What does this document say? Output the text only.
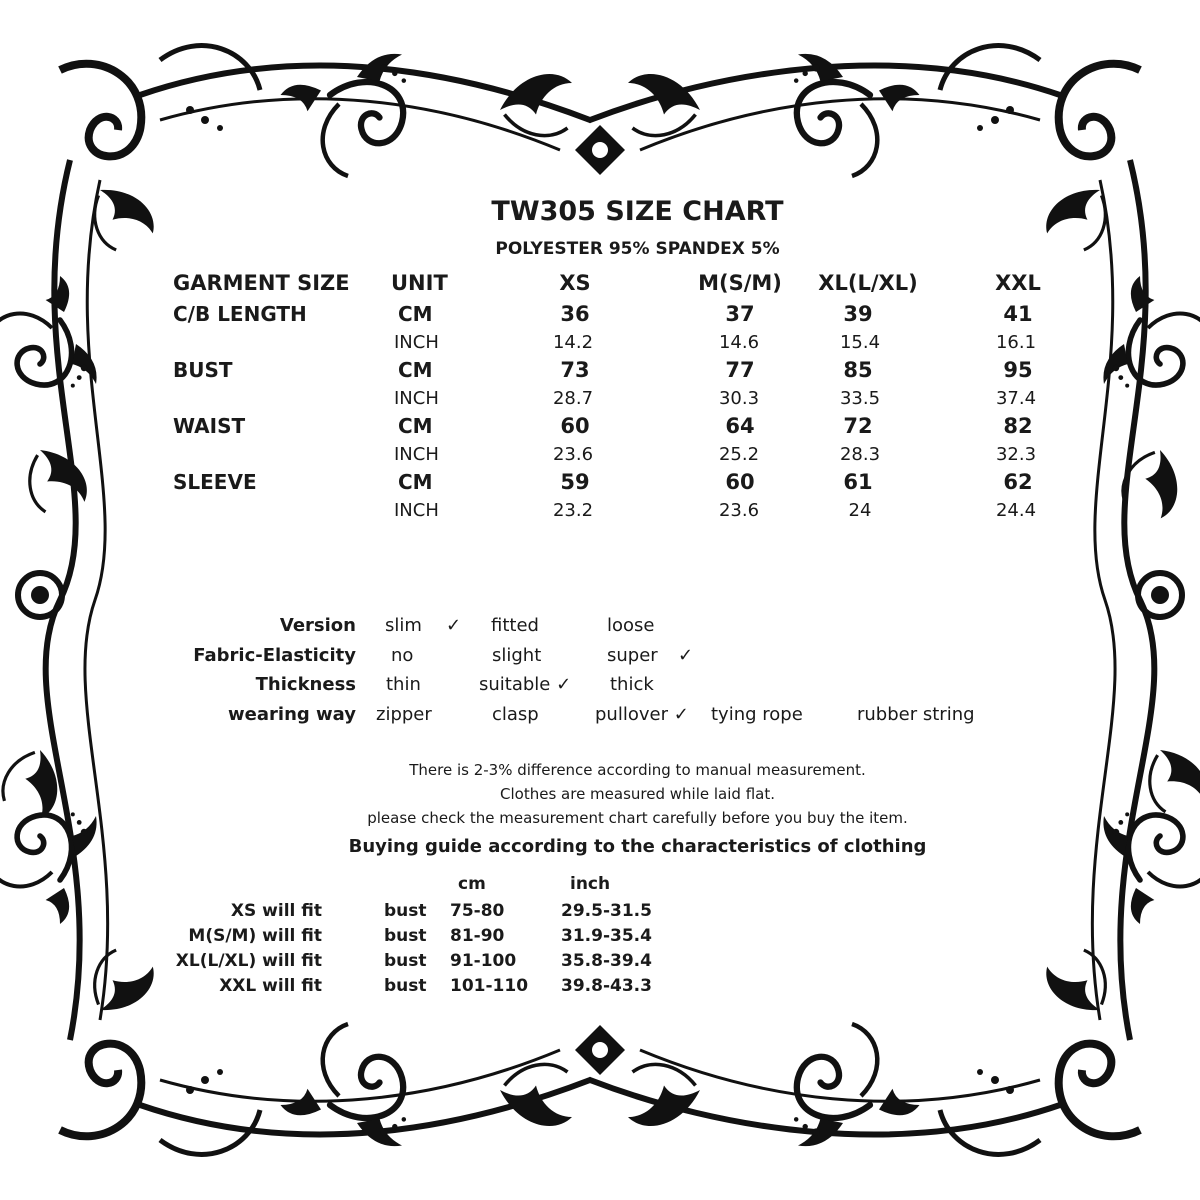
TW305 SIZE CHART
POLYESTER 95% SPANDEX 5%
GARMENT SIZE UNIT	XS	M(S/M)	XL(L/XL)	XXL
C/B LENGTH	CM	36	37	39	41
INCH	14.2	14.6	15.4	16.1
BUST	CM	73	77	85	95
INCH	28.7	30.3	33.5	37.4
WAIST	CM	60	64	72	82
INCH	23.6	25.2	28.3	32.3
SLEEVE	CM	59	60	61	62
INCH	23.2	23.6	24	24.4
Version slim ✓ fitted	loose
Fabric-Elasticity no	slight	super ✓
Thickness thin	suitable ✓ thick
wearing way zipper	clasp	pullover ✓ tying rope	rubber string
There is 2-3% difference according to manual measurement.
Clothes are measured while laid flat.
please check the measurement chart carefully before you buy the item.
Buying guide according to the characteristics of clothing
cm	inch
XS will fit	bust 75-80	29.5-31.5
M(S/M) will fit	bust 81-90	31.9-35.4
XL(L/XL) will fit	bust 91-100	35.8-39.4
XXL will fit	bust 101-110 39.8-43.3
